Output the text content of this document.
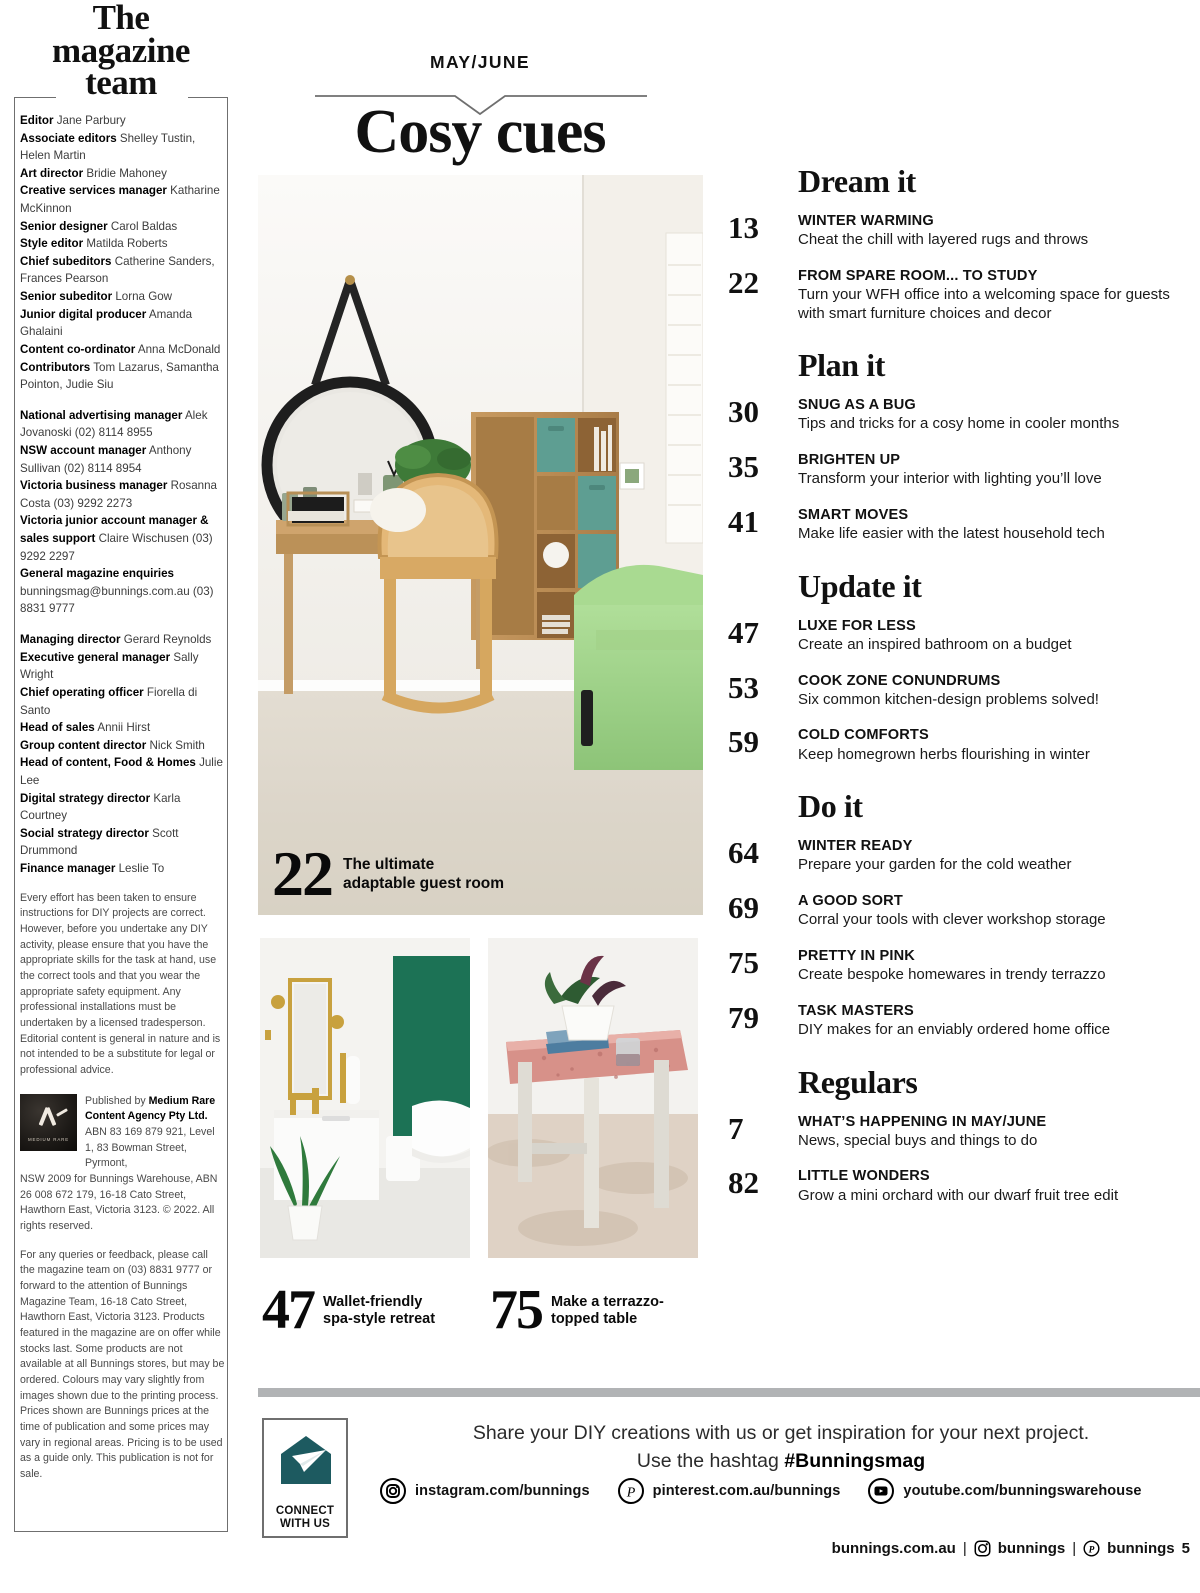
The
magazine
team

Editor Jane Parbury

Associate editors Shelley Tustin, Helen Martin

Art director Bridie Mahoney

Creative services manager Katharine McKinnon

Senior designer Carol Baldas

Style editor Matilda Roberts

Chief subeditors Catherine Sanders, Frances Pearson

Senior subeditor Lorna Gow

Junior digital producer Amanda Ghalaini

Content co-ordinator Anna McDonald

Contributors Tom Lazarus, Samantha Pointon, Judie Siu

National advertising manager Alek Jovanoski (02) 8114 8955

NSW account manager Anthony Sullivan (02) 8114 8954

Victoria business manager Rosanna Costa (03) 9292 2273

Victoria junior account manager & sales support Claire Wischusen (03) 9292 2297

General magazine enquiries bunningsmag@bunnings.com.au (03) 8831 9777

Managing director Gerard Reynolds

Executive general manager Sally Wright

Chief operating officer Fiorella di Santo

Head of sales Annii Hirst

Group content director Nick Smith

Head of content, Food & Homes Julie Lee

Digital strategy director Karla Courtney

Social strategy director Scott Drummond

Finance manager Leslie To

Every effort has been taken to ensure instructions for DIY projects are correct. However, before you undertake any DIY activity, please ensure that you have the appropriate skills for the task at hand, use the correct tools and that you wear the appropriate safety equipment. Any professional installations must be undertaken by a licensed tradesperson. Editorial content is general in nature and is not intended to be a substitute for legal or professional advice.

MEDIUM RARE
Published by Medium Rare Content Agency Pty Ltd. ABN 83 169 879 921, Level 1, 83 Bowman Street, Pyrmont,

NSW 2009 for Bunnings Warehouse, ABN 26 008 672 179, 16-18 Cato Street, Hawthorn East, Victoria 3123. © 2022. All rights reserved.

For any queries or feedback, please call the magazine team on (03) 8831 9777 or forward to the attention of Bunnings Magazine Team, 16-18 Cato Street, Hawthorn East, Victoria 3123. Products featured in the magazine are on offer while stocks last. Some products are not available at all Bunnings stores, but may be ordered. Colours may vary slightly from images shown due to the printing process. Prices shown are Bunnings prices at the time of publication and some prices may vary in regional areas. Pricing is to be used as a guide only. This publication is not for sale.

MAY/JUNE
Cosy cues
22 The ultimate
adaptable guest room
47 Wallet-friendly
spa-style retreat 75 Make a terrazzo-
topped table
Dream it
13	WINTER WARMING

Cheat the chill with layered rugs and throws

22	FROM SPARE ROOM... TO STUDY

Turn your WFH office into a welcoming space for guests with smart furniture choices and decor

Plan it
30	SNUG AS A BUG

Tips and tricks for a cosy home in cooler months

35	BRIGHTEN UP

Transform your interior with lighting you’ll love

41	SMART MOVES

Make life easier with the latest household tech

Update it
47	LUXE FOR LESS

Create an inspired bathroom on a budget

53	COOK ZONE CONUNDRUMS

Six common kitchen-design problems solved!

59	COLD COMFORTS

Keep homegrown herbs flourishing in winter

Do it
64	WINTER READY

Prepare your garden for the cold weather

69	A GOOD SORT

Corral your tools with clever workshop storage

75	PRETTY IN PINK

Create bespoke homewares in trendy terrazzo

79	TASK MASTERS

DIY makes for an enviably ordered home office

Regulars
7	WHAT’S HAPPENING IN MAY/JUNE

News, special buys and things to do

82	LITTLE WONDERS

Grow a mini orchard with our dwarf fruit tree edit

CONNECT
WITH US
Share your DIY creations with us or get inspiration for your next project.
Use the hashtag #Bunningsmag
instagram.com/bunnings	P pinterest.com.au/bunnings	youtube.com/bunningswarehouse
bunnings.com.au | bunnings | P bunnings 5
